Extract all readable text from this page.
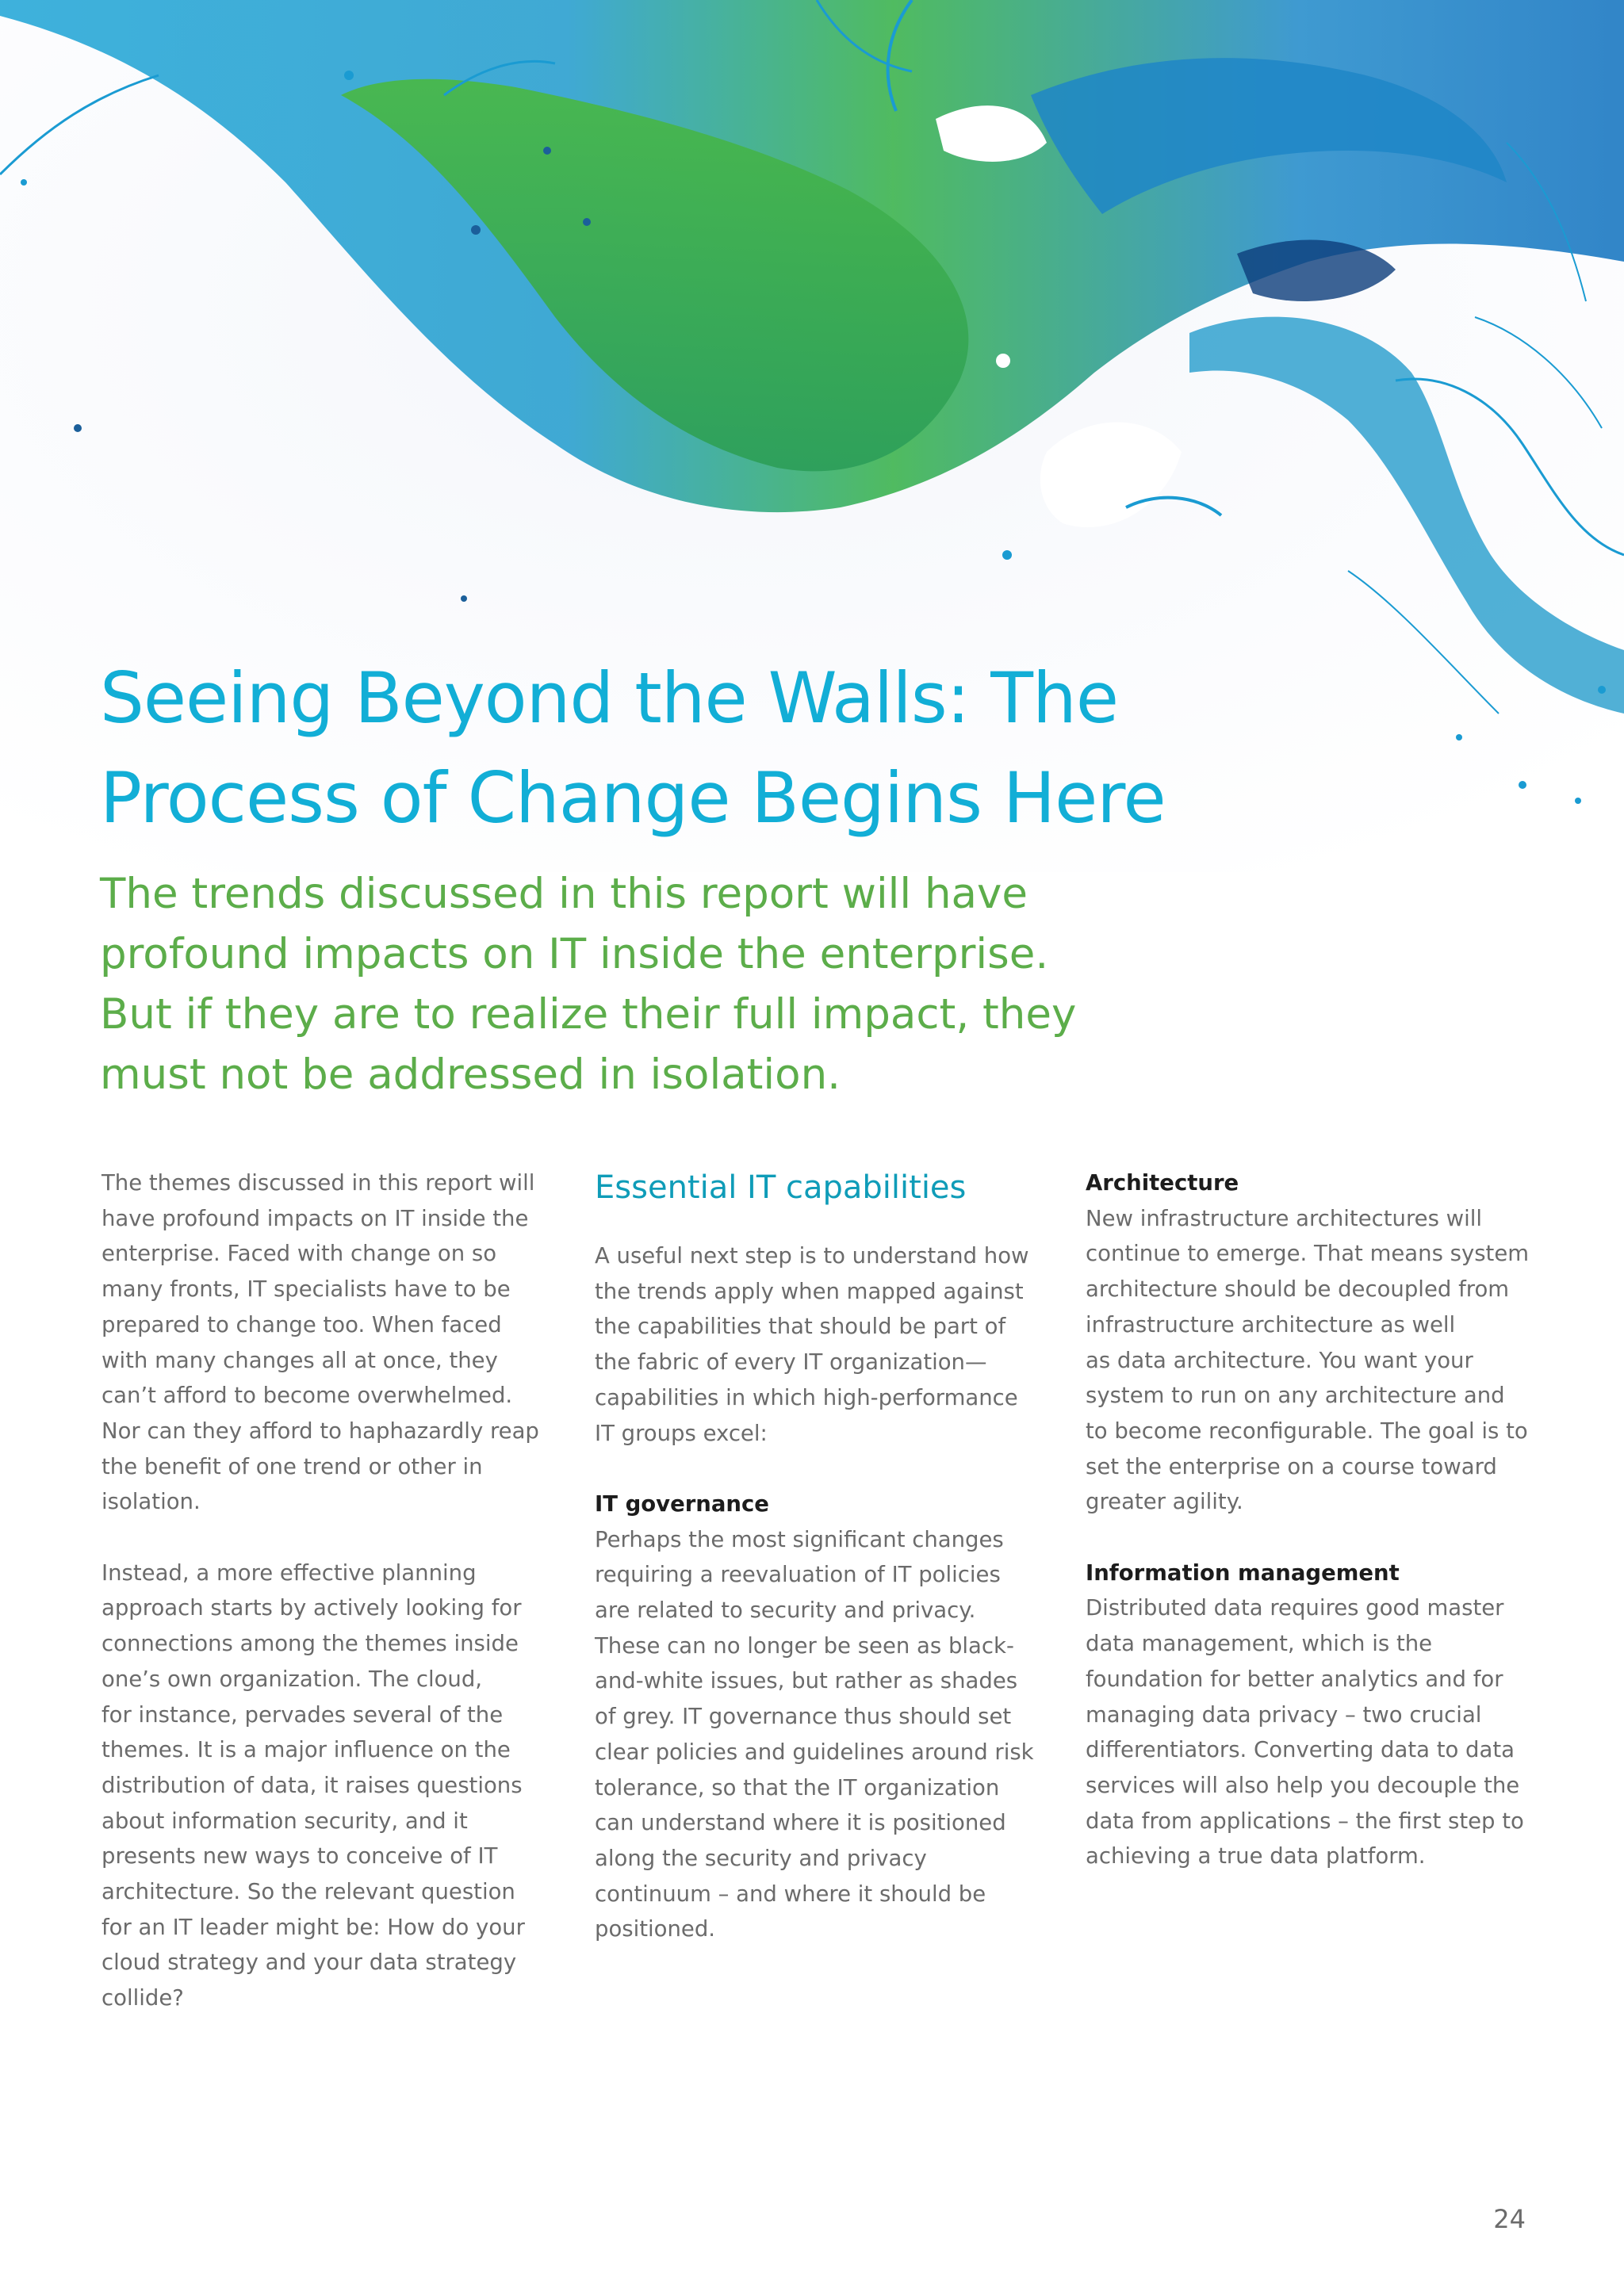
Seeing Beyond the Walls: The
Process of Change Begins Here
The trends discussed in this report will have
profound impacts on IT inside the enterprise.
But if they are to realize their full impact, they
must not be addressed in isolation.

The themes discussed in this report will
have profound impacts on IT inside the
enterprise. Faced with change on so
many fronts, IT specialists have to be
prepared to change too. When faced
with many changes all at once, they
can’t afford to become overwhelmed.
Nor can they afford to haphazardly reap
the benefit of one trend or other in
isolation.

Instead, a more effective planning
approach starts by actively looking for
connections among the themes inside
one’s own organization. The cloud,
for instance, pervades several of the
themes. It is a major influence on the
distribution of data, it raises questions
about information security, and it
presents new ways to conceive of IT
architecture. So the relevant question
for an IT leader might be: How do your
cloud strategy and your data strategy
collide?

Essential IT capabilities

A useful next step is to understand how
the trends apply when mapped against
the capabilities that should be part of
the fabric of every IT organization—
capabilities in which high-performance
IT groups excel:

IT governance

Perhaps the most significant changes
requiring a reevaluation of IT policies
are related to security and privacy.
These can no longer be seen as black-
and-white issues, but rather as shades
of grey. IT governance thus should set
clear policies and guidelines around risk
tolerance, so that the IT organization
can understand where it is positioned
along the security and privacy
continuum – and where it should be
positioned.

Architecture

New infrastructure architectures will
continue to emerge. That means system
architecture should be decoupled from
infrastructure architecture as well
as data architecture. You want your
system to run on any architecture and
to become reconfigurable. The goal is to
set the enterprise on a course toward
greater agility.

Information management

Distributed data requires good master
data management, which is the
foundation for better analytics and for
managing data privacy – two crucial
differentiators. Converting data to data
services will also help you decouple the
data from applications – the first step to
achieving a true data platform.

24
